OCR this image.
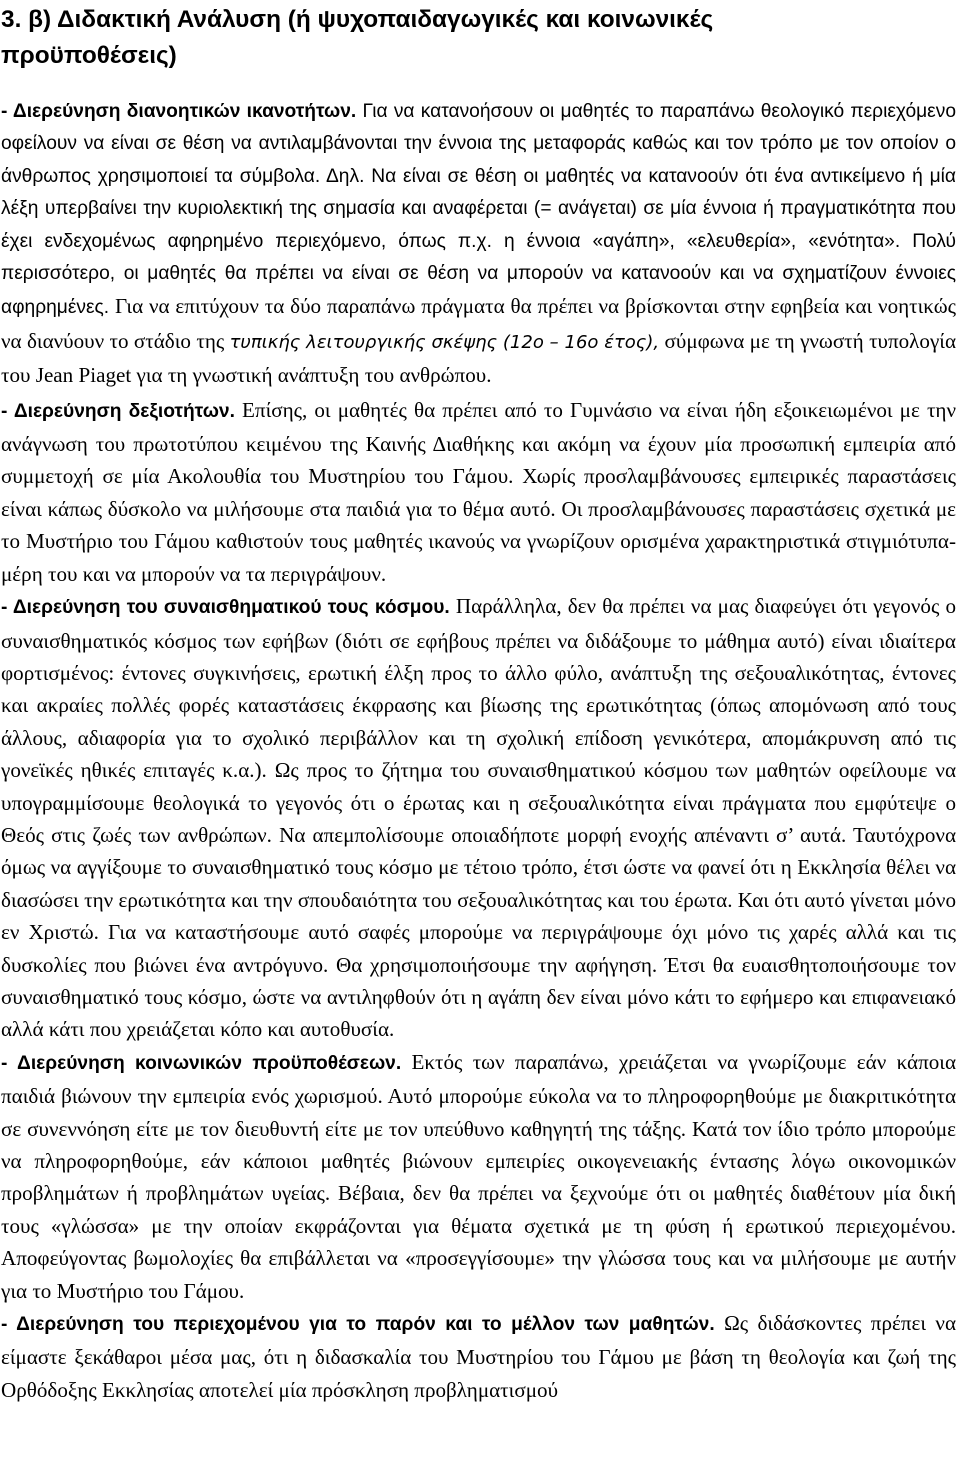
3. β) Διδακτική Ανάλυση (ή ψυχοπαιδαγωγικές και κοινωνικές
προϋποθέσεις)

- Διερεύνηση διανοητικών ικανοτήτων. Για να κατανοήσουν οι μαθητές το παραπάνω θεολογικό περιεχόμενο οφείλουν να είναι σε θέση να αντιλαμβάνονται την έννοια της μεταφοράς καθώς και τον τρόπο με τον οποίον ο άνθρωπος χρησιμοποιεί τα σύμβολα. Δηλ. Να είναι σε θέση οι μαθητές να κατανοούν ότι ένα αντικείμενο ή μία λέξη υπερβαίνει την κυριολεκτική της σημασία και αναφέρεται (= ανάγεται) σε μία έννοια ή πραγματικότητα που έχει ενδεχομένως αφηρημένο περιεχόμενο, όπως π.χ. η έννοια «αγάπη», «ελευθερία», «ενότητα». Πολύ περισσότερο, οι μαθητές θα πρέπει να είναι σε θέση να μπορούν να κατανοούν και να σχηματίζουν έννοιες αφηρημένες. Για να επιτύχουν τα δύο παραπάνω πράγματα θα πρέπει να βρίσκονται στην εφηβεία και νοητικώς να διανύουν το στάδιο της τυπικής λειτουργικής σκέψης (12ο – 16ο έτος), σύμφωνα με τη γνωστή τυπολογία του Jean Piaget για τη γνωστική ανάπτυξη του ανθρώπου.

- Διερεύνηση δεξιοτήτων. Επίσης, οι μαθητές θα πρέπει από το Γυμνάσιο να είναι ήδη εξοικειωμένοι με την ανάγνωση του πρωτοτύπου κειμένου της Καινής Διαθήκης και ακόμη να έχουν μία προσωπική εμπειρία από συμμετοχή σε μία Ακολουθία του Μυστηρίου του Γάμου. Χωρίς προσλαμβάνουσες εμπειρικές παραστάσεις είναι κάπως δύσκολο να μιλήσουμε στα παιδιά για το θέμα αυτό. Οι προσλαμβάνουσες παραστάσεις σχετικά με το Μυστήριο του Γάμου καθιστούν τους μαθητές ικανούς να γνωρίζουν ορισμένα χαρακτηριστικά στιγμιότυπα-μέρη του και να μπορούν να τα περιγράψουν.

- Διερεύνηση του συναισθηματικού τους κόσμου. Παράλληλα, δεν θα πρέπει να μας διαφεύγει ότι γεγονός ο συναισθηματικός κόσμος των εφήβων (διότι σε εφήβους πρέπει να διδάξουμε το μάθημα αυτό) είναι ιδιαίτερα φορτισμένος: έντονες συγκινήσεις, ερωτική έλξη προς το άλλο φύλο, ανάπτυξη της σεξουαλικότητας, έντονες και ακραίες πολλές φορές καταστάσεις έκφρασης και βίωσης της ερωτικότητας (όπως απομόνωση από τους άλλους, αδιαφορία για το σχολικό περιβάλλον και τη σχολική επίδοση γενικότερα, απομάκρυνση από τις γονεϊκές ηθικές επιταγές κ.α.). Ως προς το ζήτημα του συναισθηματικού κόσμου των μαθητών οφείλουμε να υπογραμμίσουμε θεολογικά το γεγονός ότι ο έρωτας και η σεξουαλικότητα είναι πράγματα που εμφύτεψε ο Θεός στις ζωές των ανθρώπων. Να απεμπολίσουμε οποιαδήποτε μορφή ενοχής απέναντι σ’ αυτά. Ταυτόχρονα όμως να αγγίξουμε το συναισθηματικό τους κόσμο με τέτοιο τρόπο, έτσι ώστε να φανεί ότι η Εκκλησία θέλει να διασώσει την ερωτικότητα και την σπουδαιότητα του σεξουαλικότητας και του έρωτα. Και ότι αυτό γίνεται μόνο εν Χριστώ. Για να καταστήσουμε αυτό σαφές μπορούμε να περιγράψουμε όχι μόνο τις χαρές αλλά και τις δυσκολίες που βιώνει ένα αντρόγυνο. Θα χρησιμοποιήσουμε την αφήγηση. Έτσι θα ευαισθητοποιήσουμε τον συναισθηματικό τους κόσμο, ώστε να αντιληφθούν ότι η αγάπη δεν είναι μόνο κάτι το εφήμερο και επιφανειακό αλλά κάτι που χρειάζεται κόπο και αυτοθυσία.

- Διερεύνηση κοινωνικών προϋποθέσεων. Εκτός των παραπάνω, χρειάζεται να γνωρίζουμε εάν κάποια παιδιά βιώνουν την εμπειρία ενός χωρισμού. Αυτό μπορούμε εύκολα να το πληροφορηθούμε με διακριτικότητα σε συνεννόηση είτε με τον διευθυντή είτε με τον υπεύθυνο καθηγητή της τάξης. Κατά τον ίδιο τρόπο μπορούμε να πληροφορηθούμε, εάν κάποιοι μαθητές βιώνουν εμπειρίες οικογενειακής έντασης λόγω οικονομικών προβλημάτων ή προβλημάτων υγείας. Βέβαια, δεν θα πρέπει να ξεχνούμε ότι οι μαθητές διαθέτουν μία δική τους «γλώσσα» με την οποίαν εκφράζονται για θέματα σχετικά με τη φύση ή ερωτικού περιεχομένου. Αποφεύγοντας βωμολοχίες θα επιβάλλεται να «προσεγγίσουμε» την γλώσσα τους και να μιλήσουμε με αυτήν για το Μυστήριο του Γάμου.

- Διερεύνηση του περιεχομένου για το παρόν και το μέλλον των μαθητών. Ως διδάσκοντες πρέπει να είμαστε ξεκάθαροι μέσα μας, ότι η διδασκαλία του Μυστηρίου του Γάμου με βάση τη θεολογία και ζωή της Ορθόδοξης Εκκλησίας αποτελεί μία πρόσκληση προβληματισμού
